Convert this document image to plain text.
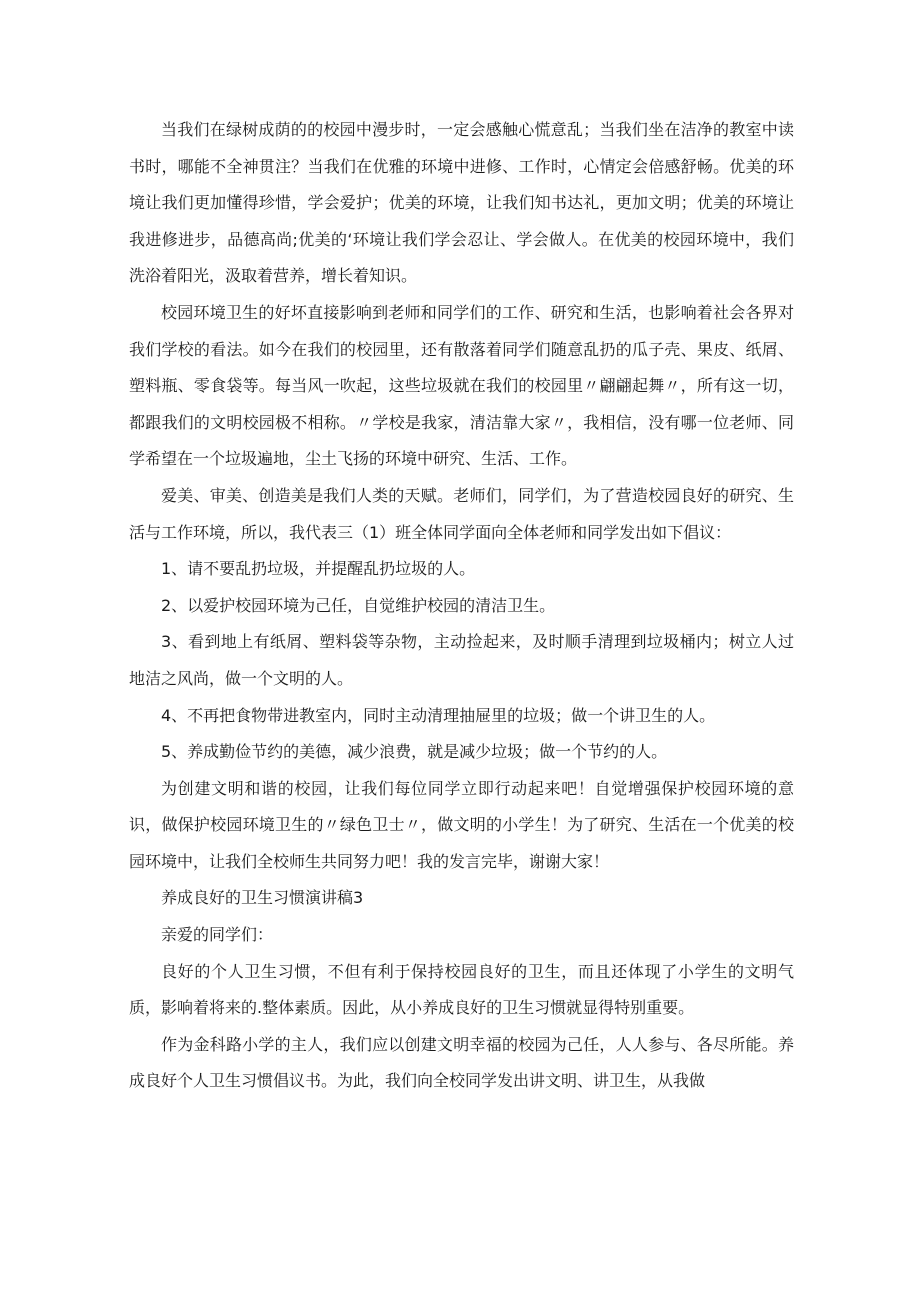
当我们在绿树成荫的的校园中漫步时，一定会感触心慌意乱；当我们坐在洁净的教室中读书时，哪能不全神贯注？当我们在优雅的环境中进修、工作时，心情定会倍感舒畅。优美的环境让我们更加懂得珍惜，学会爱护；优美的环境，让我们知书达礼，更加文明；优美的环境让我进修进步，品德高尚;优美的‘环境让我们学会忍让、学会做人。在优美的校园环境中，我们洗浴着阳光，汲取着营养，增长着知识。

校园环境卫生的好坏直接影响到老师和同学们的工作、研究和生活，也影响着社会各界对我们学校的看法。如今在我们的校园里，还有散落着同学们随意乱扔的瓜子壳、果皮、纸屑、塑料瓶、零食袋等。每当风一吹起，这些垃圾就在我们的校园里〃翩翩起舞〃，所有这一切，都跟我们的文明校园极不相称。〃学校是我家，清洁靠大家〃，我相信，没有哪一位老师、同学希望在一个垃圾遍地，尘土飞扬的环境中研究、生活、工作。

爱美、审美、创造美是我们人类的天赋。老师们，同学们，为了营造校园良好的研究、生活与工作环境，所以，我代表三（1）班全体同学面向全体老师和同学发出如下倡议：

1、请不要乱扔垃圾，并提醒乱扔垃圾的人。

2、以爱护校园环境为己任，自觉维护校园的清洁卫生。

3、看到地上有纸屑、塑料袋等杂物，主动捡起来，及时顺手清理到垃圾桶内；树立人过地洁之风尚，做一个文明的人。

4、不再把食物带进教室内，同时主动清理抽屉里的垃圾；做一个讲卫生的人。

5、养成勤俭节约的美德，减少浪费，就是减少垃圾；做一个节约的人。

为创建文明和谐的校园，让我们每位同学立即行动起来吧！自觉增强保护校园环境的意识，做保护校园环境卫生的〃绿色卫士〃，做文明的小学生！为了研究、生活在一个优美的校园环境中，让我们全校师生共同努力吧！我的发言完毕，谢谢大家！

养成良好的卫生习惯演讲稿3

亲爱的同学们：

良好的个人卫生习惯，不但有利于保持校园良好的卫生，而且还体现了小学生的文明气质，影响着将来的.整体素质。因此，从小养成良好的卫生习惯就显得特别重要。

作为金科路小学的主人，我们应以创建文明幸福的校园为己任，人人参与、各尽所能。养成良好个人卫生习惯倡议书。为此，我们向全校同学发出讲文明、讲卫生，从我做
